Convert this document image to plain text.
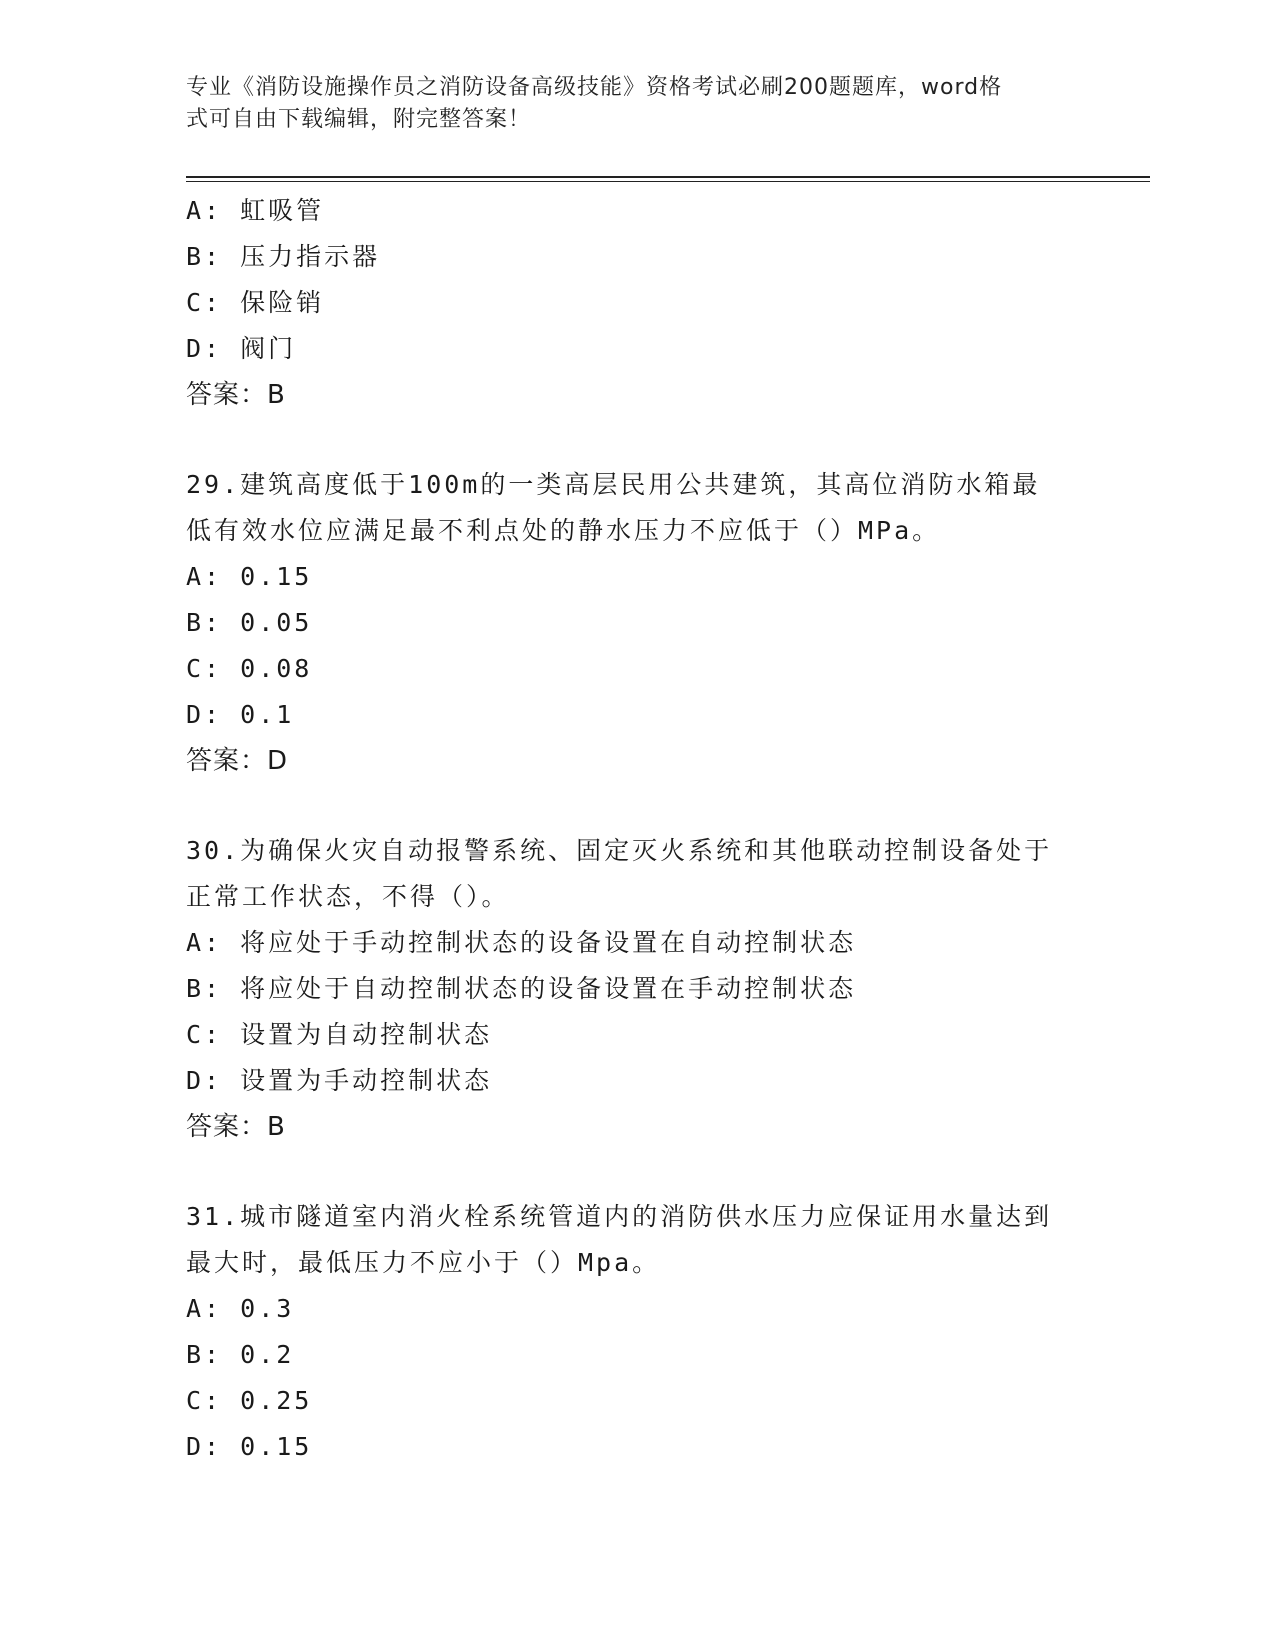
专业《消防设施操作员之消防设备高级技能》资格考试必刷200题题库，word格
式可自由下载编辑，附完整答案！
A: 虹吸管
B: 压力指示器
C: 保险销
D: 阀门
答案：B
29.建筑高度低于100m的一类高层民用公共建筑，其高位消防水箱最
低有效水位应满足最不利点处的静水压力不应低于（）MPa。
A: 0.15
B: 0.05
C: 0.08
D: 0.1
答案：D
30.为确保火灾自动报警系统、固定灭火系统和其他联动控制设备处于
正常工作状态，不得（）。
A: 将应处于手动控制状态的设备设置在自动控制状态
B: 将应处于自动控制状态的设备设置在手动控制状态
C: 设置为自动控制状态
D: 设置为手动控制状态
答案：B
31.城市隧道室内消火栓系统管道内的消防供水压力应保证用水量达到
最大时，最低压力不应小于（）Mpa。
A: 0.3
B: 0.2
C: 0.25
D: 0.15
